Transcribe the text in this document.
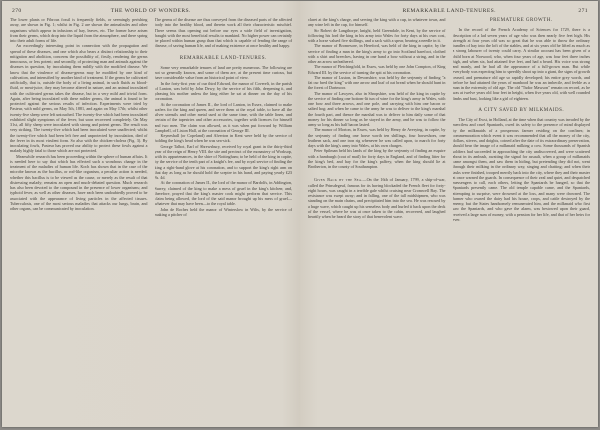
270	THE WORLD OF WONDERS.

The lower plants or Fibrous fossil is frequently fields, or seemingly perishing away, are shown in Fig. 1; whilst in Fig. 2 are shown the animalcules and other organisms which appear in infusions of hay, leaves, etc. The former have arisen from their germs, which drop into the liquid from the atmosphere, and there spring into their adult forms of life.

An exceedingly interesting point in connection with the propagation and spread of these diseases, and one which also bears a distinct relationship to their mitigation and abolition, concerns the possibility of, firstly, rendering the germs innocuous, or less potent; and secondly, of protecting man and animals against the diseases in question, by inoculating them mildly with the modified disease. We know that the virulence of disease-germs may be modified by one kind of cultivation, and intensified by another kind of treatment. If the germs be cultivated artificially, that is, outside the body of a living animal, in such fluids as blood-fluid, or meat-juice, they may become altered in nature, and an animal inoculated with the cultivated germs takes the disease, but in a very mild and trivial form. Again, after being inoculated with these milder germs, the animal is found to be protected against the serious results of infection. Experiments were tried by Pasteur, with mild germs, on May 5th, 1881, and again on May 17th; whilst other twenty-five sheep were left untouched. The twenty-five which had been inoculated exhibited slight symptoms of the fever, but soon recovered completely. On May 31st, all fifty sheep were inoculated with strong and potent germs. The result was very striking. The twenty-five which had been inoculated were unaffected; whilst the twenty-five which had been left free and unprotected by inoculation, died of the fever in its most virulent form. So also with the chicken-cholera (Fig. 3). By inoculating fowls, Pasteur has proved our ability to protect these fowls against a malady highly fatal to those which are not protected.

Meanwhile research has been proceeding within the sphere of human affairs. It is needed here to say that which has effected such a wondrous change in the treatment of the maladies of human life. Koch has shown that in the case of the microbe known as the bacillus, or rod-like organism, a peculiar action is needed, whether this bacillus is to be viewed as the cause, or merely as the result of that distressing malady; remains an open and much-debated question. Much research has also been devoted to the compound in the presence of lower organisms; and typhoid fever, as well as other diseases, have each been undoubtedly proved to be associated with the appearance of living particles in the affected tissues. Tuberculosis, one of the most serious maladies that attacks our lungs, brain, and other organs, can be communicated by inoculation.

The germs of the disease are thus conveyed from the diseased parts of the affected body into the healthy blood, and therein work all their characteristic mischief. There seems thus opening out before our eyes a wide field of investigation, fraught with the most beneficial results to mankind. No higher power can certainly be placed within human grasp than that which is capable of fending the range of disease, of saving human life, and of making existence at once healthy and happy.

REMARKABLE LAND-TENURES.

Some very remarkable tenures of land are preity numerous. The following are not so generally known, and some of them are, at the present time curious, but have considerable value from an historical point of view.

In the forty-first year of our third Edward, the manor of Coverelt, in the parish of Lanton, was held by John Dewy, by the service of his fifth, deepening it, and pleasing his mother unless the king either he sat at dinner on the day of his coronation.

At the coronation of James II., the lord of Lanton, in Essex, claimed to make wafers for the king and queen, and serve them at the royal table, to have all the silver utensils and other metal used at the same time, with the table linen, and certain of the tapestries and other accessories, together with licences for himself and two men. The claim was allowed, as it was when put forward by William Campbell, of Liston Hall, at the coronation of George III.

Keyneshall (or Copeland) and Alverton in Kent were held by the service of holding the king's head when he was sea-sick.

George Talbot, Earl of Shrewsbury, received by royal grant in the thirty-third year of the reign of Henry VIII. the site and precinct of the monastery of Worksop, with its appurtenances, in the shire of Nottingham; to be held of the king in capite, by the service of the tenth part of a knight's fee, and by royal service of finding the king a right-hand glove at his coronation, and to support the king's right arm on that day as long as he should hold the sceptre in his hand, and paying yearly £23 8s. 4d.

At the coronation of James II., the lord of the manor of Bardolfs, in Addington, Surrey, claimed of the king to make a mess of gruel in the king's kitchen; and, therefore, prayed that the king's master cook might perform that service. This claim being allowed, the lord of the said manor brought up his mess of gruel—whatever that may have been—to the royal table.

John de Roches held the manor of Winterslow in Wilts, by the service of making a pitcher of

REMARKABLE LAND-TENURES.	271

claret at the king's charge, and serving the king with a cup, in whatever town, and any wine left in the cup, for himself.

Sir Robert de Langthorpe, knight, held Greendale, in Kent, by the service of following his lord the king in his army into Wales for forty days at his own cost, with a horse valued five shillings, and a sack with a spear, bearing a needle in it.

The manor of Bromesore, in Hereford, was held of the king in capite, by the service of finding a man in the king's army to go into Scotland barefoot, clothed with a shirt and breeches, having in one hand a bow without a string, and in the other an arrow unfeathered.

The manor of Fletchingfold, in Essex, was held by one John Compton, of King Edward III. by the service of turning the spit at his coronation.

The manor of Luston, in Devonshire, was held by the serjeanty of finding "a fat cur bred the king" with one arrow and loaf of oat bread when he should hunt in the forest of Dartmoor.

The manor of Lawyers, also in Shropshire, was held of the king in capite by the service of finding one bottom-lit tun of wine for the king's army in Wales, with one bow and three arrows, and one pole, and carrying with him one bacon or salted hog; and when he came to the army he was to deliver to the king's marshal the fourth part, and thence the marshal was to deliver to him daily some of that money for his dinner so long as he stayed in the army, and he was to follow the army so long as his half bacon lasted.

The manor of Morton, in Essex, was held by Henry de Averying, in capite, by the serjeanty of finding one horse worth ten shillings, four horseshoes, one leathern sack, and one iron rig whenever he was called upon, to march for forty days with the king's army into Wales, at his own charges.

Peter Spilman held his lands of the king by the serjeanty of finding an esquire with a hamburgh (coat of mail) for forty days in England, and of finding litter for the king's bed, and hay for the king's palfrey, when the king should lie at Brotherton, in the county of Southampton.

Given Back by the Sea.—On the 16th of January, 1799, a ship-of-war, called the Prinsdegeuf, famous for its having blockaded the French fleet for forty-eight hours, was caught in a terrible gale whilst cruising near Cromwell Bay. The resistance was swept away; and in falling, one of the tall midshipmen, who was standing on the main chains, and precipitated him into the sea. He was rescued by a huge wave, which caught up his senseless body and hurled it back upon the deck of the vessel, where he was at once taken to the cabin, recovered, and laughed heartily when he heard the story of that benevolent wave.

PREMATURE GROWTH.

In the record of the French Academy of Sciences for 1729, there is a description of a lad seven years of age who was then nearly five feet high. His strength at four years old was so great that he was able to throw the ordinary bundles of hay into the loft of the stables, and at six years old he lifted as much as a strong labourer of twenty could carry. A similar account has been given of a child born at Norwood, who, when four years of age, was four feet three inches high, and when six, had attained five feet, and had a beard. His voice was strong and manly, and he had all the appearance of a full-grown man. But while everybody was expecting him to speedily shoot up into a giant, the signs of growth ceased, and premature old age so rapidly developed; his entire grey words, and before he had attained the years of manhood he was an imbecile, and feeble as a man in the extremity of old age. The old "Tudor Mawson" remain on record, as he was at twelve years old four feet in height, when five years old, with well rounded limbs and bust, looking like a girl of eighteen.

A CITY SAVED BY MILKMAIDS.

The City of Ewst, in Holland, at the time when that country was invaded by the merciless and cruel Spaniards, owed its safety to the presence of mind displayed by the milkmaids of a prosperous farmer residing on the confines; in commemoration which event it was recommended that all the money of the city, dollars, stivers, and doights, coined after the date of its extraordinary preservation, should bear the image of a milkmaid milking a cow. Some thousands of Spanish soldiers had succeeded in approaching the city undiscovered, and were scattered about in its ambush, awaiting the signal for assault, when a group of milkmaids came amongst them, and saw them in hiding, but pretending they did not, went through their milking in the ordinary way, singing and chatting; and when their tasks were finished, trooped merrily back into the city, where they and their master at once warned the guards. In consequence of their zeal and quiet, and despatched messengers to call, each others, letting the Spaniards be hanged, so that the Spaniards presently came. The old temple capable came, and the Spaniards, attempting to surprise, were drowned at the loss, and many were drowned. The farmer who owned the dairy had his house, crops, and cattle destroyed by the enemy, but the States handsomely remunerated him, and the milkmaid who first saw the Spaniards, and who gave the alarm, was bestowed upon their guard, received a large sum of money, with a pension for her life, and that of her heirs for ever.
